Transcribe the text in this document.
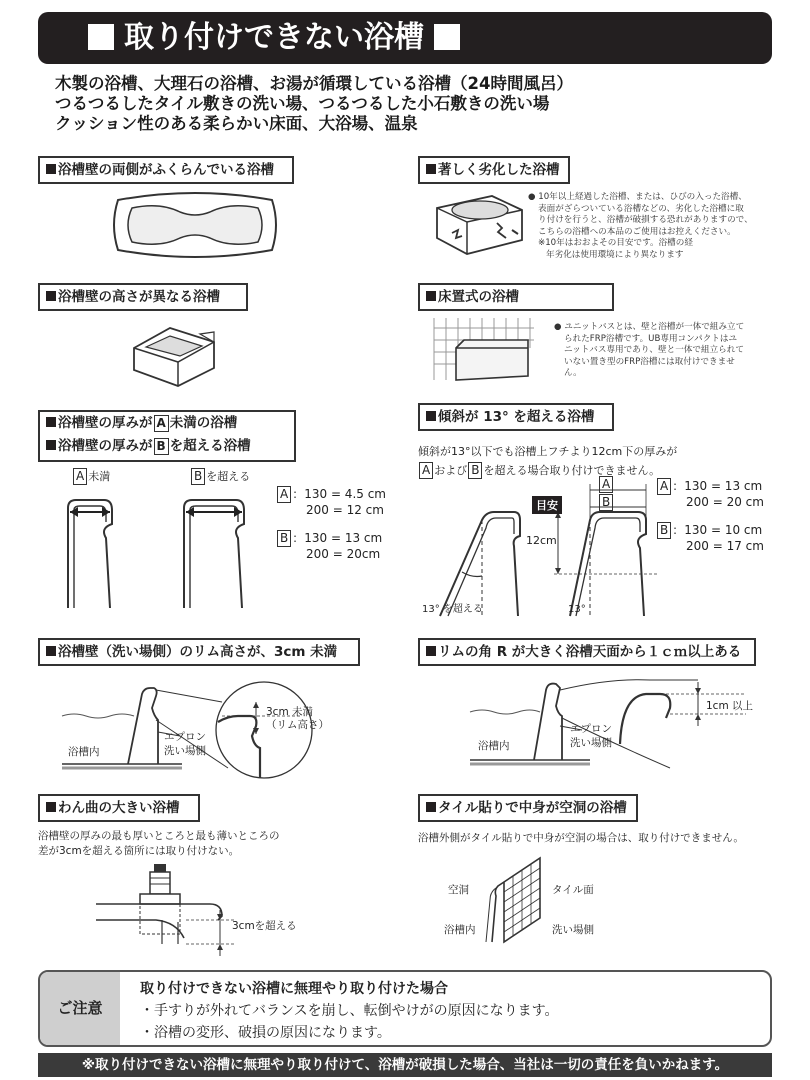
取り付けできない浴槽
木製の浴槽、大理石の浴槽、お湯が循環している浴槽（24時間風呂）
つるつるしたタイル敷きの洗い場、つるつるした小石敷きの洗い場
クッション性のある柔らかい床面、大浴場、温泉
浴槽壁の両側がふくらんでいる浴槽	著しく劣化した浴槽
● 10年以上経過した浴槽、または、ひびの入った浴槽、
表面がざらついている浴槽などの、劣化した浴槽に取
り付けを行うと、浴槽が破損する恐れがありますので、
こちらの浴槽への本品のご使用はお控えください。
※10年はおおよその目安です。浴槽の経
年劣化は使用環境により異なります
浴槽壁の高さが異なる浴槽	床置式の浴槽
● ユニットバスとは、壁と浴槽が一体で組み立て
られたFRP浴槽です。UB専用コンパクトはユ
ニットバス専用であり、壁と一体で組立られて
いない置き型のFRP浴槽には取付けできませ
ん。
浴槽壁の厚みが A 未満の浴槽
浴槽壁の厚みが B を超える浴槽
A 未満	B を超える
A ：130 = 4.5 cm
200 = 12 cm
B ：130 = 13 cm
200 = 20cm
傾斜が 13° を超える浴槽
傾斜が13°以下でも浴槽上フチより12cm下の厚みが
A および B を超える場合取り付けできません。
A
B
目安
12cm
13° を超える	13°
A ：130 = 13 cm
200 = 20 cm
B ：130 = 10 cm
200 = 17 cm
浴槽壁（洗い場側）のリム高さが、3cm 未満
3cm 未満
（リム高さ）
浴槽内
エプロン
洗い場側
リムの角 R が大きく浴槽天面から１ｃｍ以上ある
1cm 以上
浴槽内
エプロン
洗い場側
わん曲の大きい浴槽
浴槽壁の厚みの最も厚いところと最も薄いところの
差が3cmを超える箇所には取り付けない。
3cmを超える
タイル貼りで中身が空洞の浴槽
浴槽外側がタイル貼りで中身が空洞の場合は、取り付けできません。
空洞	タイル面
浴槽内	洗い場側
ご注意
取り付けできない浴槽に無理やり取り付けた場合
・手すりが外れてバランスを崩し、転倒やけがの原因になります。
・浴槽の変形、破損の原因になります。
※取り付けできない浴槽に無理やり取り付けて、浴槽が破損した場合、当社は一切の責任を負いかねます。
